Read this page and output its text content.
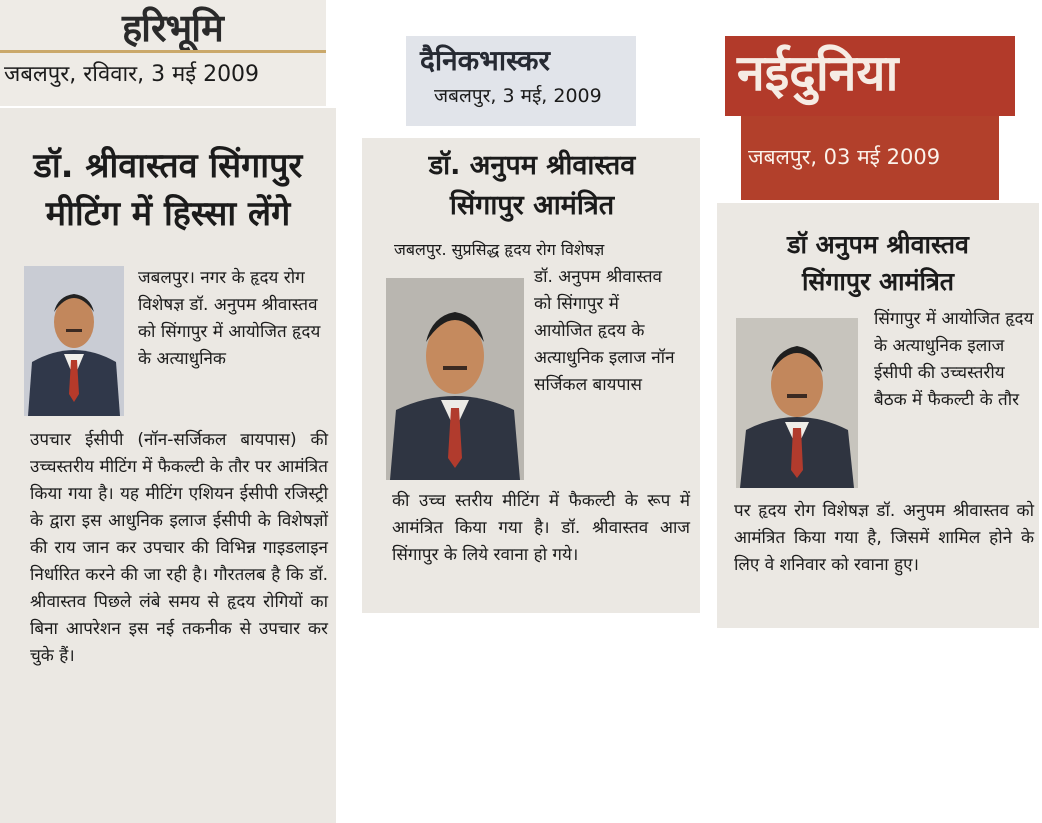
हरिभूमि
जबलपुर, रविवार, 3 मई 2009
डॉ. श्रीवास्तव सिंगापुर
मीटिंग में हिस्सा लेंगे
जबलपुर। नगर के हृदय रोग विशेषज्ञ डॉ. अनुपम श्रीवास्तव को सिंगापुर में आयोजित हृदय के अत्याधुनिक
उपचार ईसीपी (नॉन-सर्जिकल बायपास) की उच्चस्तरीय मीटिंग में फैकल्टी के तौर पर आमंत्रित किया गया है। यह मीटिंग एशियन ईसीपी रजिस्ट्री के द्वारा इस आधुनिक इलाज ईसीपी के विशेषज्ञों की राय जान कर उपचार की विभिन्न गाइडलाइन निर्धारित करने की जा रही है। गौरतलब है कि डॉ. श्रीवास्तव पिछले लंबे समय से हृदय रोगियों का बिना आपरेशन इस नई तकनीक से उपचार कर चुके हैं।
दैनिकभास्कर
जबलपुर, 3 मई, 2009
डॉ. अनुपम श्रीवास्तव
सिंगापुर आमंत्रित
जबलपुर. सुप्रसिद्ध हृदय रोग विशेषज्ञ
डॉ. अनुपम श्रीवास्तव को सिंगापुर में आयोजित हृदय के अत्याधुनिक इलाज नॉन सर्जिकल बायपास
की उच्च स्तरीय मीटिंग में फैकल्टी के रूप में आमंत्रित किया गया है। डॉ. श्रीवास्तव आज सिंगापुर के लिये रवाना हो गये।
नईदुनिया
जबलपुर, 03 मई 2009
डॉ अनुपम श्रीवास्तव
सिंगापुर आमंत्रित
सिंगापुर में आयोजित हृदय के अत्याधुनिक इलाज ईसीपी की उच्चस्तरीय बैठक में फैकल्टी के तौर
पर हृदय रोग विशेषज्ञ डॉ. अनुपम श्रीवास्तव को आमंत्रित किया गया है, जिसमें शामिल होने के लिए वे शनिवार को रवाना हुए।
